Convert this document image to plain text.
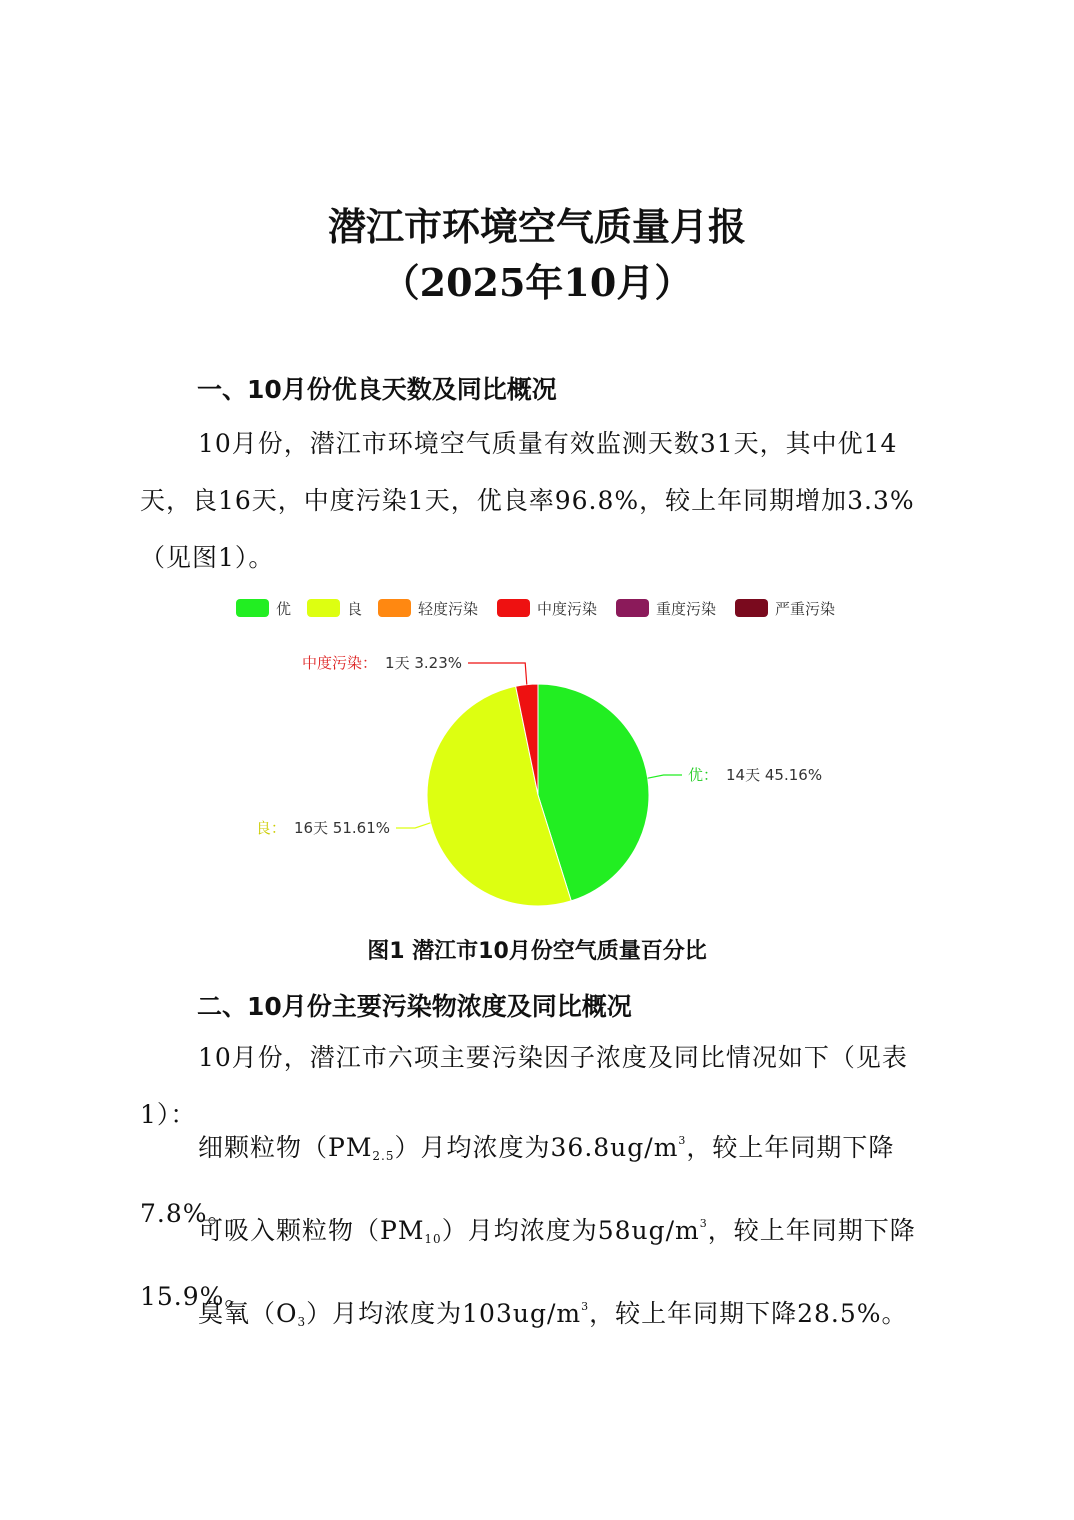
潜江市环境空气质量月报
（2025年10月）
一、10月份优良天数及同比概况
10月份，潜江市环境空气质量有效监测天数31天，其中优14天，良16天，中度污染1天，优良率96.8%，较上年同期增加3.3%（见图1）。
优	良	轻度污染	中度污染	重度污染	严重污染
优： 14天 45.16%
良： 16天 51.61%
中度污染： 1天 3.23%
图1 潜江市10月份空气质量百分比
二、10月份主要污染物浓度及同比概况
10月份，潜江市六项主要污染因子浓度及同比情况如下（见表1）：
细颗粒物$(PM_{2.5})$月均浓度为$36.8ug/m^3$，较上年同期下降7.8%。
可吸入颗粒物$(PM_{10})$月均浓度为$58ug/m^3$，较上年同期下降15.9%。
臭氧$(O_3)$月均浓度为$103ug/m^3$，较上年同期下降28.5%。
